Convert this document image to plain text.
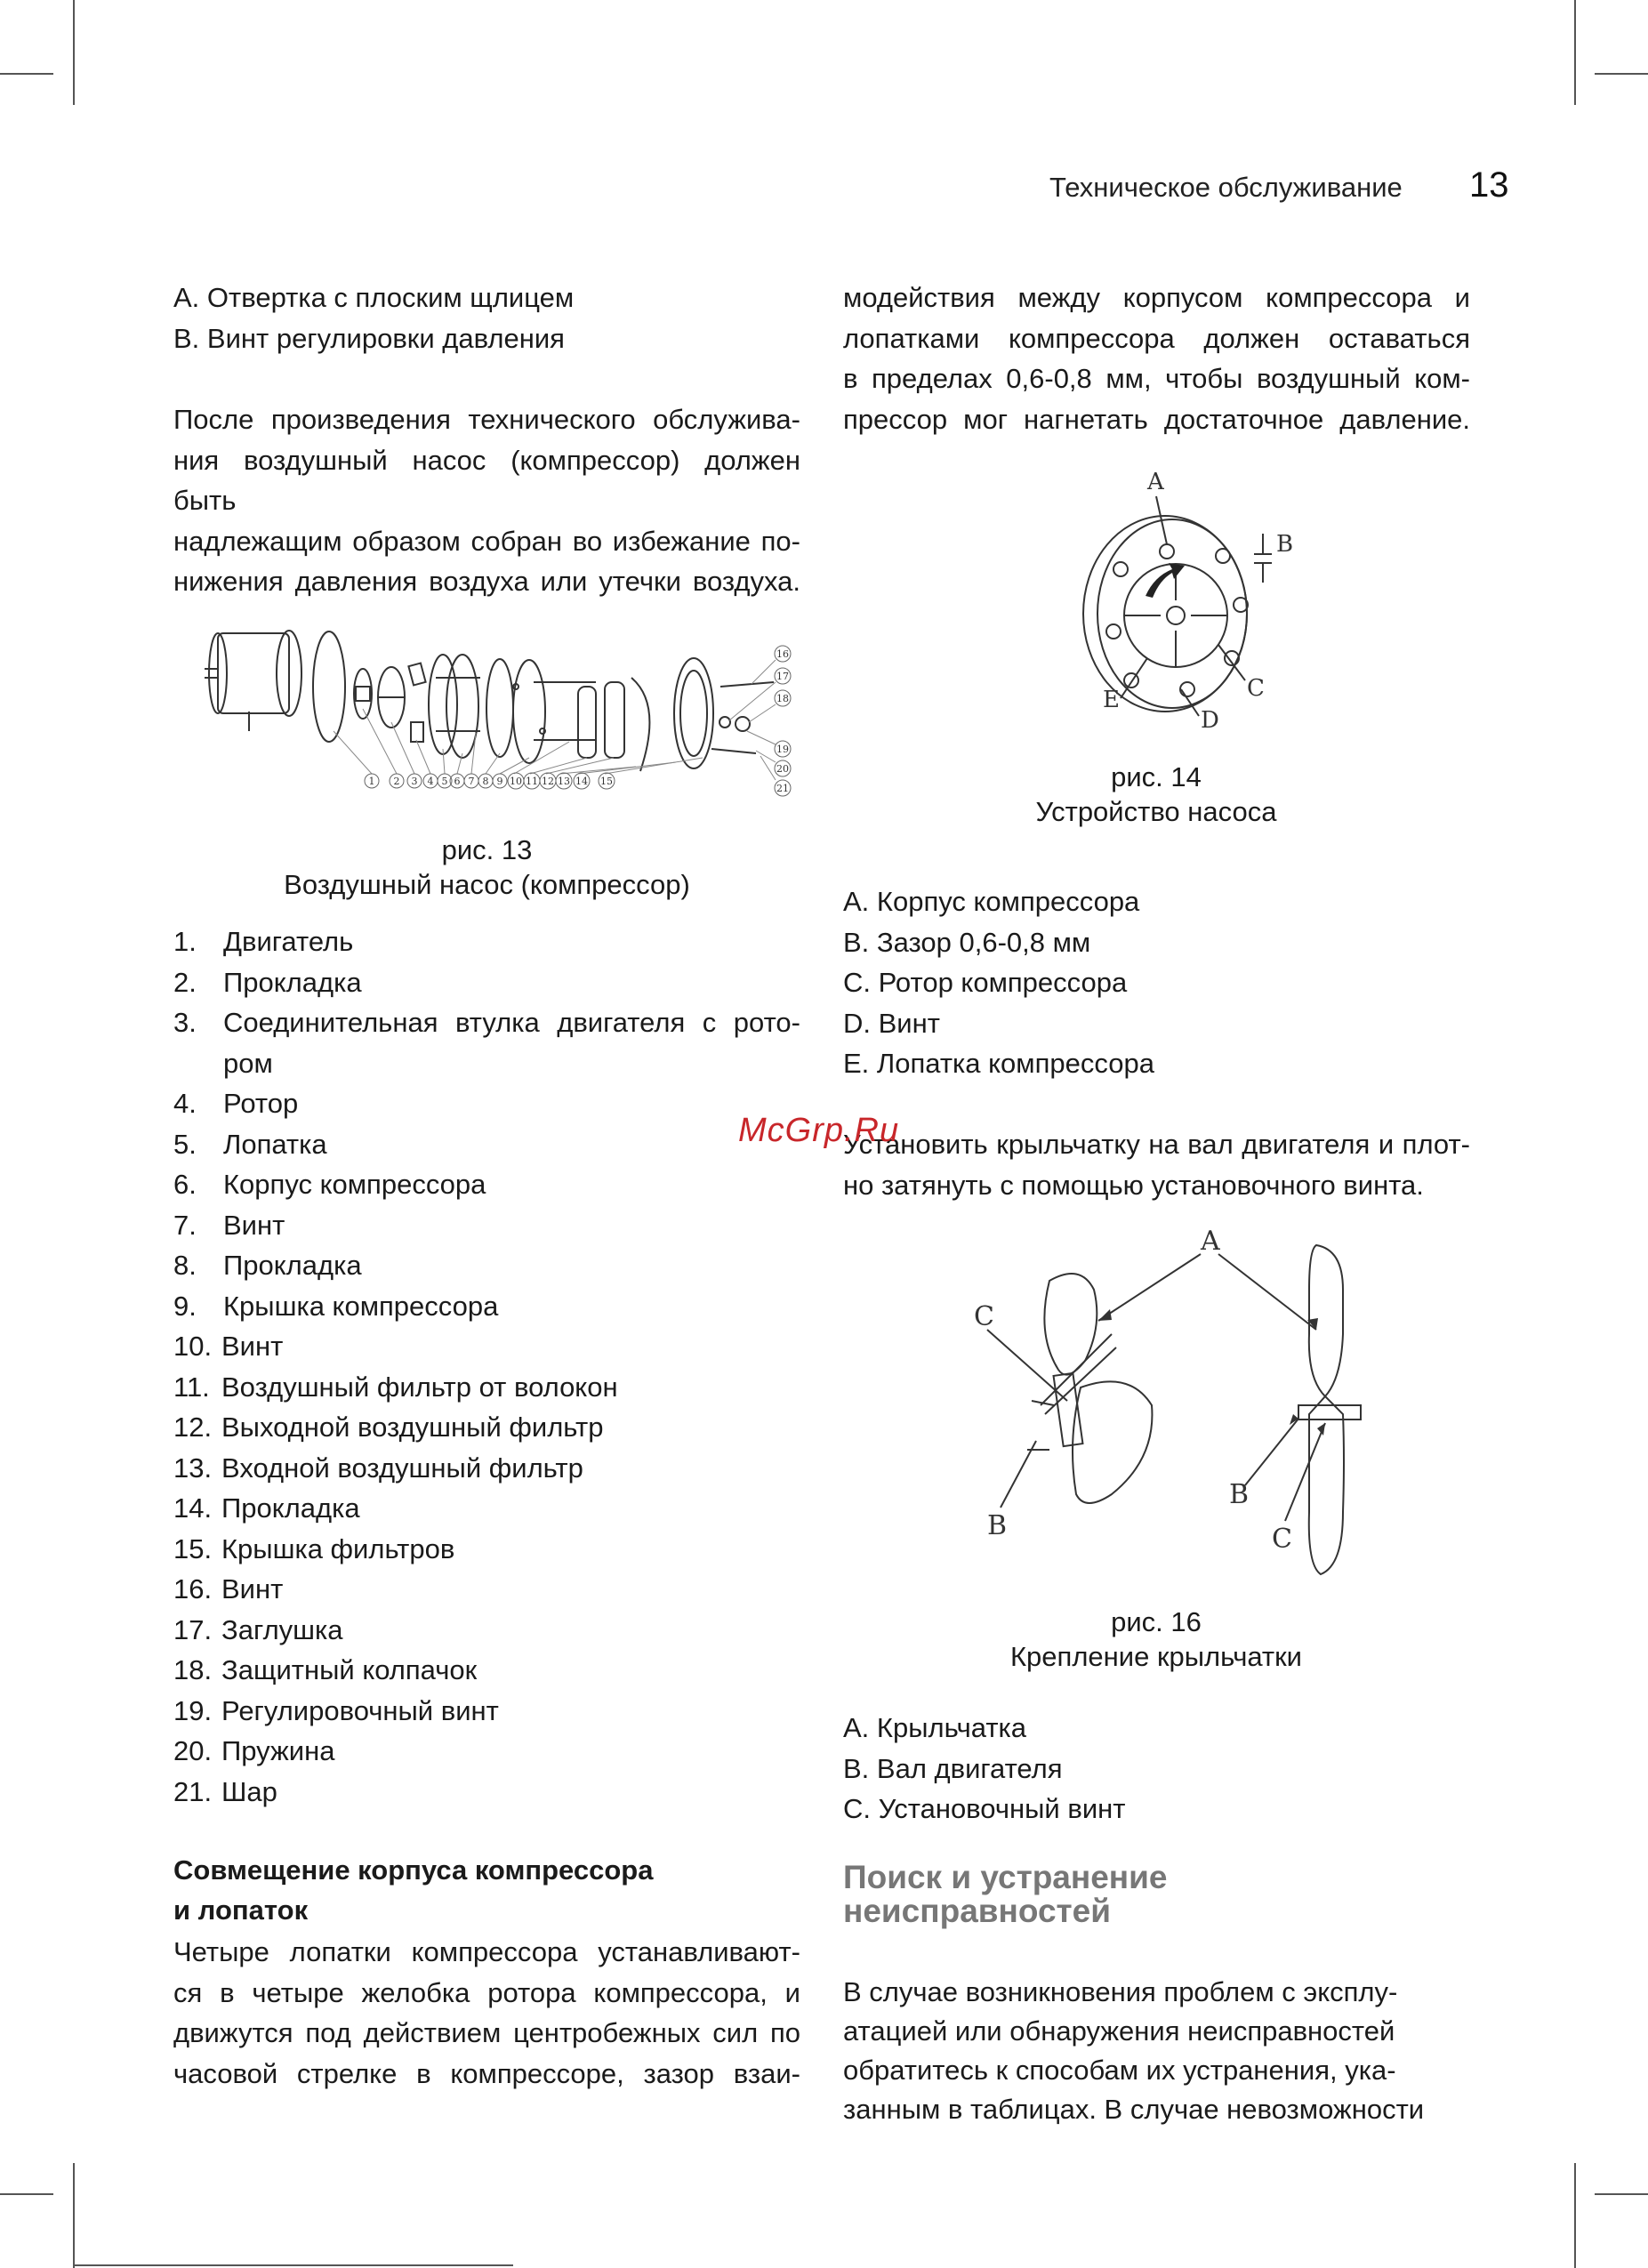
Техническое обслуживание 13
A. Отвертка с плоским щлицем
B. Винт регулировки давления
После произведения технического обслужива-
ния воздушный насос (компрессор) должен быть
надлежащим образом собран во избежание по-
нижения давления воздуха или утечки воздуха.
1 2 3 4 5 6 7 8 9 10 11 12 13 14 15
16
17
18
19
20
21
рис. 13
Воздушный насос (компрессор)
1. Двигатель
2. Прокладка
3. Соединительная втулка двигателя с рото-
ром
4. Ротор
5. Лопатка
6. Корпус компрессора
7. Винт
8. Прокладка
9. Крышка компрессора
10. Винт
11. Воздушный фильтр от волокон
12. Выходной воздушный фильтр
13. Входной воздушный фильтр
14. Прокладка
15. Крышка фильтров
16. Винт
17. Заглушка
18. Защитный колпачок
19. Регулировочный винт
20. Пружина
21. Шар
Совмещение корпуса компрессора
и лопаток
Четыре лопатки компрессора устанавливают-
ся в четыре желобка ротора компрессора, и
движутся под действием центробежных сил по
часовой стрелке в компрессоре, зазор взаи-
модействия между корпусом компрессора и
лопатками компрессора должен оставаться
в пределах 0,6-0,8 мм, чтобы воздушный ком-
прессор мог нагнетать достаточное давление.
A
B
C
D
E
рис. 14
Устройство насоса
A. Корпус компрессора
B. Зазор 0,6-0,8 мм
C. Ротор компрессора
D. Винт
E. Лопатка компрессора
Установить крыльчатку на вал двигателя и плот-
но затянуть с помощью установочного винта.
A
C
B
B
C
рис. 16
Крепление крыльчатки
A. Крыльчатка
B. Вал двигателя
C. Установочный винт
Поиск и устранение
неисправностей
В случае возникновения проблем с эксплу-
атацией или обнаружения неисправностей
обратитесь к способам их устранения, ука-
занным в таблицах. В случае невозможности
McGrp.Ru
